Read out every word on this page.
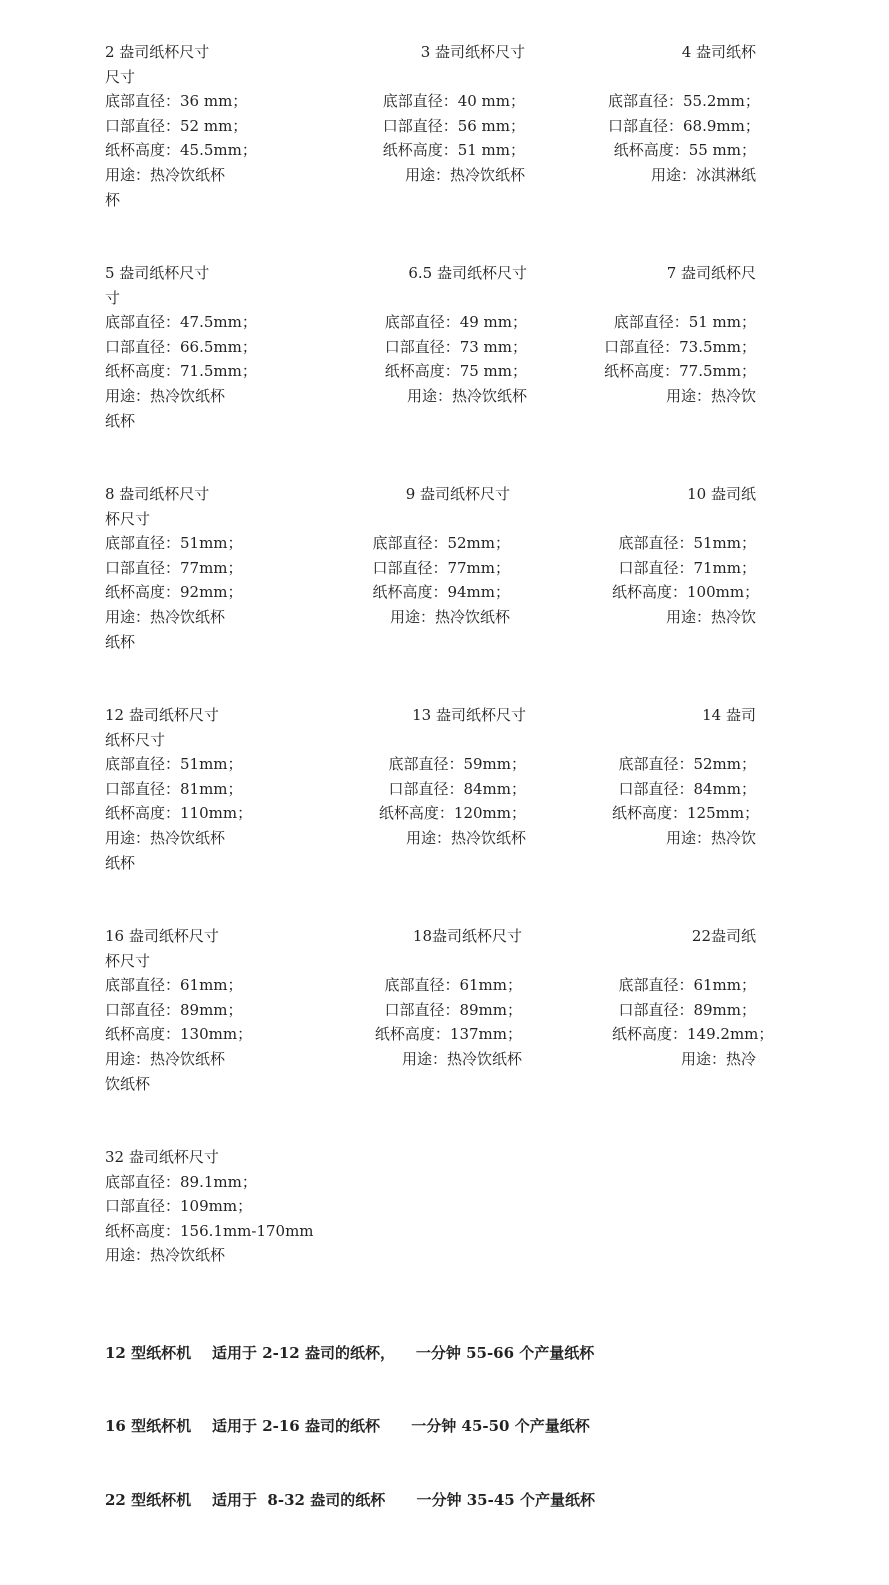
2 盎司纸杯尺寸
尺寸
底部直径：36 mm；
口部直径：52 mm；
纸杯高度：45.5mm；
用途：热冷饮纸杯
杯
3 盎司纸杯尺寸

底部直径：40 mm；
口部直径：56 mm；
纸杯高度：51 mm；
用途：热冷饮纸杯
4 盎司纸杯

底部直径：55.2mm；
口部直径：68.9mm；
纸杯高度：55 mm；
用途：冰淇淋纸
5 盎司纸杯尺寸
寸
底部直径：47.5mm；
口部直径：66.5mm；
纸杯高度：71.5mm；
用途：热冷饮纸杯
纸杯
6.5 盎司纸杯尺寸

底部直径：49 mm；
口部直径：73 mm；
纸杯高度：75 mm；
用途：热冷饮纸杯
7 盎司纸杯尺

底部直径：51 mm；
口部直径：73.5mm；
纸杯高度：77.5mm；
用途：热冷饮
8 盎司纸杯尺寸
杯尺寸
底部直径：51mm；
口部直径：77mm；
纸杯高度：92mm；
用途：热冷饮纸杯
纸杯
9 盎司纸杯尺寸

底部直径：52mm；
口部直径：77mm；
纸杯高度：94mm；
用途：热冷饮纸杯
10 盎司纸

底部直径：51mm；
口部直径：71mm；
纸杯高度：100mm；
用途：热冷饮
12 盎司纸杯尺寸
纸杯尺寸
底部直径：51mm；
口部直径：81mm；
纸杯高度：110mm；
用途：热冷饮纸杯
纸杯
13 盎司纸杯尺寸

底部直径：59mm；
口部直径：84mm；
纸杯高度：120mm；
用途：热冷饮纸杯
14 盎司

底部直径：52mm；
口部直径：84mm；
纸杯高度：125mm；
用途：热冷饮
16 盎司纸杯尺寸
杯尺寸
底部直径：61mm；
口部直径：89mm；
纸杯高度：130mm；
用途：热冷饮纸杯
饮纸杯
18盎司纸杯尺寸

底部直径：61mm；
口部直径：89mm；
纸杯高度：137mm；
用途：热冷饮纸杯
22盎司纸

底部直径：61mm；
口部直径：89mm；
纸杯高度：149.2mm；
用途：热冷
32 盎司纸杯尺寸
底部直径：89.1mm；
口部直径：109mm；
纸杯高度：156.1mm-170mm
用途：热冷饮纸杯
12 型纸杯机    适用于 2-12 盎司的纸杯，    一分钟 55-66 个产量纸杯
16 型纸杯机    适用于 2-16 盎司的纸杯      一分钟 45-50 个产量纸杯
22 型纸杯机    适用于  8-32 盎司的纸杯      一分钟 35-45 个产量纸杯
